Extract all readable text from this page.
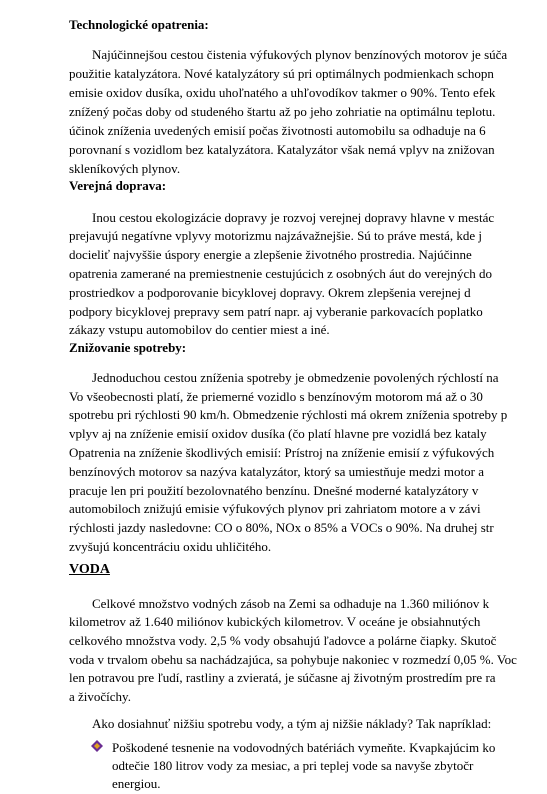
Technologické opatrenia:
Najúčinnejšou cestou čistenia výfukových plynov benzínových motorov je súča
použitie katalyzátora. Nové katalyzátory sú pri optimálnych podmienkach schopn
emisie oxidov dusíka, oxidu uhoľnatého a uhľovodíkov takmer o 90%. Tento efek
znížený počas doby od studeného štartu až po jeho zohriatie na optimálnu teplotu.
účinok zníženia uvedených emisií počas životnosti automobilu sa odhaduje na 6
porovnaní s vozidlom bez katalyzátora. Katalyzátor však nemá vplyv na znižovan
skleníkových plynov.
Verejná doprava:
Inou cestou ekologizácie dopravy je rozvoj verejnej dopravy hlavne v mestác
prejavujú negatívne vplyvy motorizmu najzávažnejšie. Sú to práve mestá, kde j
docieliť najvyššie úspory energie a zlepšenie životného prostredia. Najúčinne
opatrenia zamerané na premiestnenie cestujúcich z osobných áut do verejných do
prostriedkov a podporovanie bicyklovej dopravy. Okrem zlepšenia verejnej d
podpory bicyklovej prepravy sem patrí napr. aj vyberanie parkovacích poplatko
zákazy vstupu automobilov do centier miest a iné.
Znižovanie spotreby:
Jednoduchou cestou zníženia spotreby je obmedzenie povolených rýchlostí na
Vo všeobecnosti platí, že priemerné vozidlo s benzínovým motorom má až o 30
spotrebu pri rýchlosti 90 km/h. Obmedzenie rýchlosti má okrem zníženia spotreby p
vplyv aj na zníženie emisií oxidov dusíka (čo platí hlavne pre vozidlá bez kataly
Opatrenia na zníženie škodlivých emisií: Prístroj na zníženie emisií z výfukových
benzínových motorov sa nazýva katalyzátor, ktorý sa umiestňuje medzi motor a
pracuje len pri použití bezolovnatého benzínu. Dnešné moderné katalyzátory v
automobiloch znižujú emisie výfukových plynov pri zahriatom motore a v závi
rýchlosti jazdy nasledovne: CO o 80%, NOx o 85% a VOCs o 90%. Na druhej str
zvyšujú koncentráciu oxidu uhličitého.
VODA
Celkové množstvo vodných zásob na Zemi sa odhaduje na 1.360 miliónov k
kilometrov až 1.640 miliónov kubických kilometrov. V oceáne je obsiahnutých
celkového množstva vody. 2,5 % vody obsahujú ľadovce a polárne čiapky. Skutoč
voda v trvalom obehu sa nachádzajúca, sa pohybuje nakoniec v rozmedzí 0,05 %. Voc
len potravou pre ľudí, rastliny a zvieratá, je súčasne aj životným prostredím pre ra
a živočíchy.
Ako dosiahnuť nižšiu spotrebu vody, a tým aj nižšie náklady? Tak napríklad:
Poškodené tesnenie na vodovodných batériách vymeňte. Kvapkajúcim ko
odtečie 180 litrov vody za mesiac, a pri teplej vode sa navyše zbytočr
energiou.
